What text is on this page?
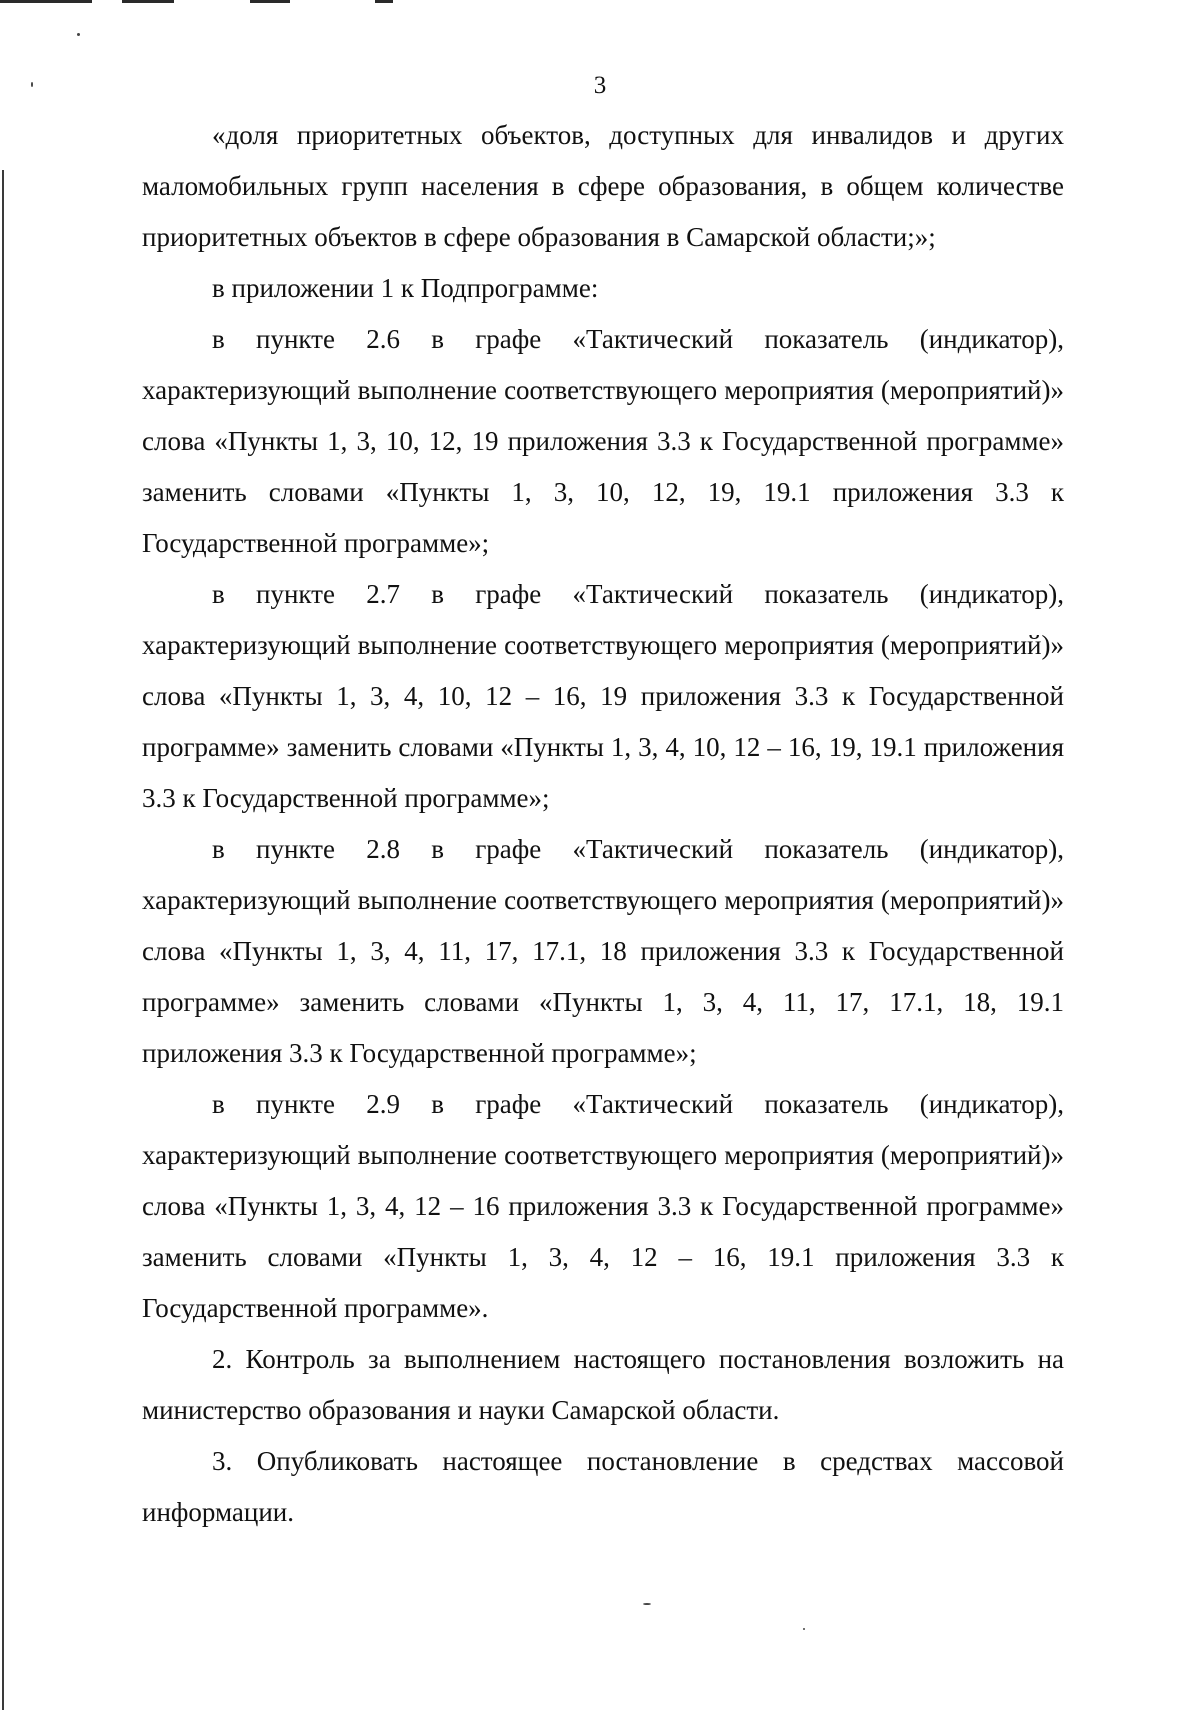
3

«доля приоритетных объектов, доступных для инвалидов и других маломобильных групп населения в сфере образования, в общем количестве приоритетных объектов в сфере образования в Самарской области;»;

в приложении 1 к Подпрограмме:

в пункте 2.6 в графе «Тактический показатель (индикатор), характеризующий выполнение соответствующего мероприятия (мероприятий)» слова «Пункты 1, 3, 10, 12, 19 приложения 3.3 к Государственной программе» заменить словами «Пункты 1, 3, 10, 12, 19, 19.1 приложения 3.3 к Государственной программе»;

в пункте 2.7 в графе «Тактический показатель (индикатор), характеризующий выполнение соответствующего мероприятия (мероприятий)» слова «Пункты 1, 3, 4, 10, 12 – 16, 19 приложения 3.3 к Государственной программе» заменить словами «Пункты 1, 3, 4, 10, 12 – 16, 19, 19.1 приложения 3.3 к Государственной программе»;

в пункте 2.8 в графе «Тактический показатель (индикатор), характеризующий выполнение соответствующего мероприятия (мероприятий)» слова «Пункты 1, 3, 4, 11, 17, 17.1, 18 приложения 3.3 к Государственной программе» заменить словами «Пункты 1, 3, 4, 11, 17, 17.1, 18, 19.1 приложения 3.3 к Государственной программе»;

в пункте 2.9 в графе «Тактический показатель (индикатор), характеризующий выполнение соответствующего мероприятия (мероприятий)» слова «Пункты 1, 3, 4, 12 – 16 приложения 3.3 к Государственной программе» заменить словами «Пункты 1, 3, 4, 12 – 16, 19.1 приложения 3.3 к Государственной программе».

2. Контроль за выполнением настоящего постановления возложить на министерство образования и науки Самарской области.

3. Опубликовать настоящее постановление в средствах массовой информации.
